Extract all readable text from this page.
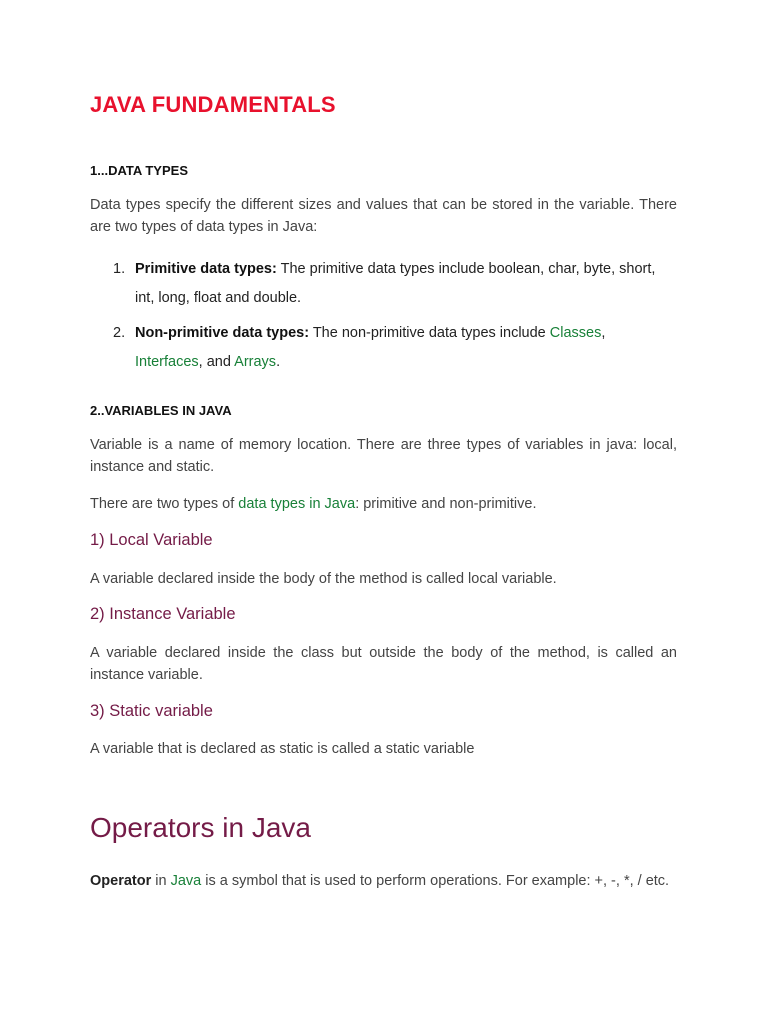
JAVA FUNDAMENTALS
1...DATA TYPES

Data types specify the different sizes and values that can be stored in the variable. There are two types of data types in Java:

1. Primitive data types: The primitive data types include boolean, char, byte, short, int, long, float and double.
2. Non-primitive data types: The non-primitive data types include Classes, Interfaces, and Arrays.
2..VARIABLES IN JAVA

Variable is a name of memory location. There are three types of variables in java: local, instance and static.

There are two types of data types in Java: primitive and non-primitive.

1) Local Variable

A variable declared inside the body of the method is called local variable.

2) Instance Variable

A variable declared inside the class but outside the body of the method, is called an instance variable.

3) Static variable

A variable that is declared as static is called a static variable

Operators in Java

Operator in Java is a symbol that is used to perform operations. For example: +, -, *, / etc.
